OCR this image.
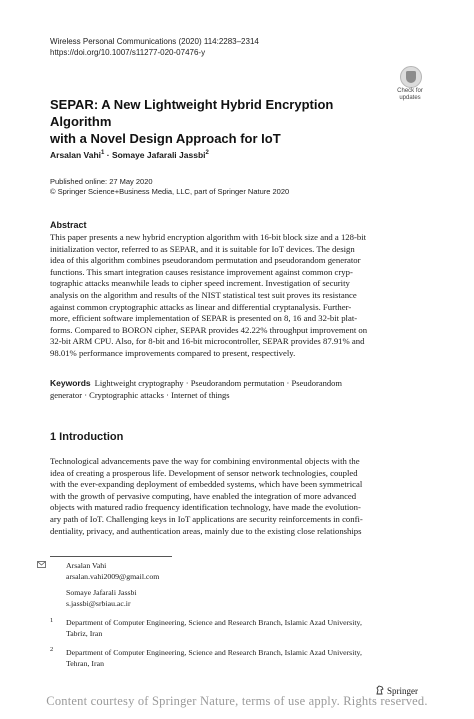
Wireless Personal Communications (2020) 114:2283–2314
https://doi.org/10.1007/s11277-020-07476-y
Check for
updates
SEPAR: A New Lightweight Hybrid Encryption Algorithm
with a Novel Design Approach for IoT
Arsalan Vahi$^1$ · Somaye Jafarali Jassbi$^2$
Published online: 27 May 2020
© Springer Science+Business Media, LLC, part of Springer Nature 2020
Abstract
This paper presents a new hybrid encryption algorithm with 16-bit block size and a 128-bit
initialization vector, referred to as SEPAR, and it is suitable for IoT devices. The design
idea of this algorithm combines pseudorandom permutation and pseudorandom generator
functions. This smart integration causes resistance improvement against common cryp-
tographic attacks meanwhile leads to cipher speed increment. Investigation of security
analysis on the algorithm and results of the NIST statistical test suit proves its resistance
against common cryptographic attacks as linear and differential cryptanalysis. Further-
more, efficient software implementation of SEPAR is presented on 8, 16 and 32-bit plat-
forms. Compared to BORON cipher, SEPAR provides 42.22% throughput improvement on
32-bit ARM CPU. Also, for 8-bit and 16-bit microcontroller, SEPAR provides 87.91% and
98.01% performance improvements compared to present, respectively.
Keywords Lightweight cryptography · Pseudorandom permutation · Pseudorandom
generator · Cryptographic attacks · Internet of things
1 Introduction
Technological advancements pave the way for combining environmental objects with the
idea of creating a prosperous life. Development of sensor network technologies, coupled
with the ever-expanding deployment of embedded systems, which have been symmetrical
with the growth of pervasive computing, have enabled the integration of more advanced
objects with matured radio frequency identification technology, have made the evolution-
ary path of IoT. Challenging keys in IoT applications are security reinforcements in confi-
dentiality, privacy, and authentication areas, mainly due to the existing close relationships
Arsalan Vahi
arsalan.vahi2009@gmail.com
Somaye Jafarali Jassbi
s.jassbi@srbiau.ac.ir
1 Department of Computer Engineering, Science and Research Branch, Islamic Azad University,
Tabriz, Iran
2 Department of Computer Engineering, Science and Research Branch, Islamic Azad University,
Tehran, Iran
Springer
Content courtesy of Springer Nature, terms of use apply. Rights reserved.
